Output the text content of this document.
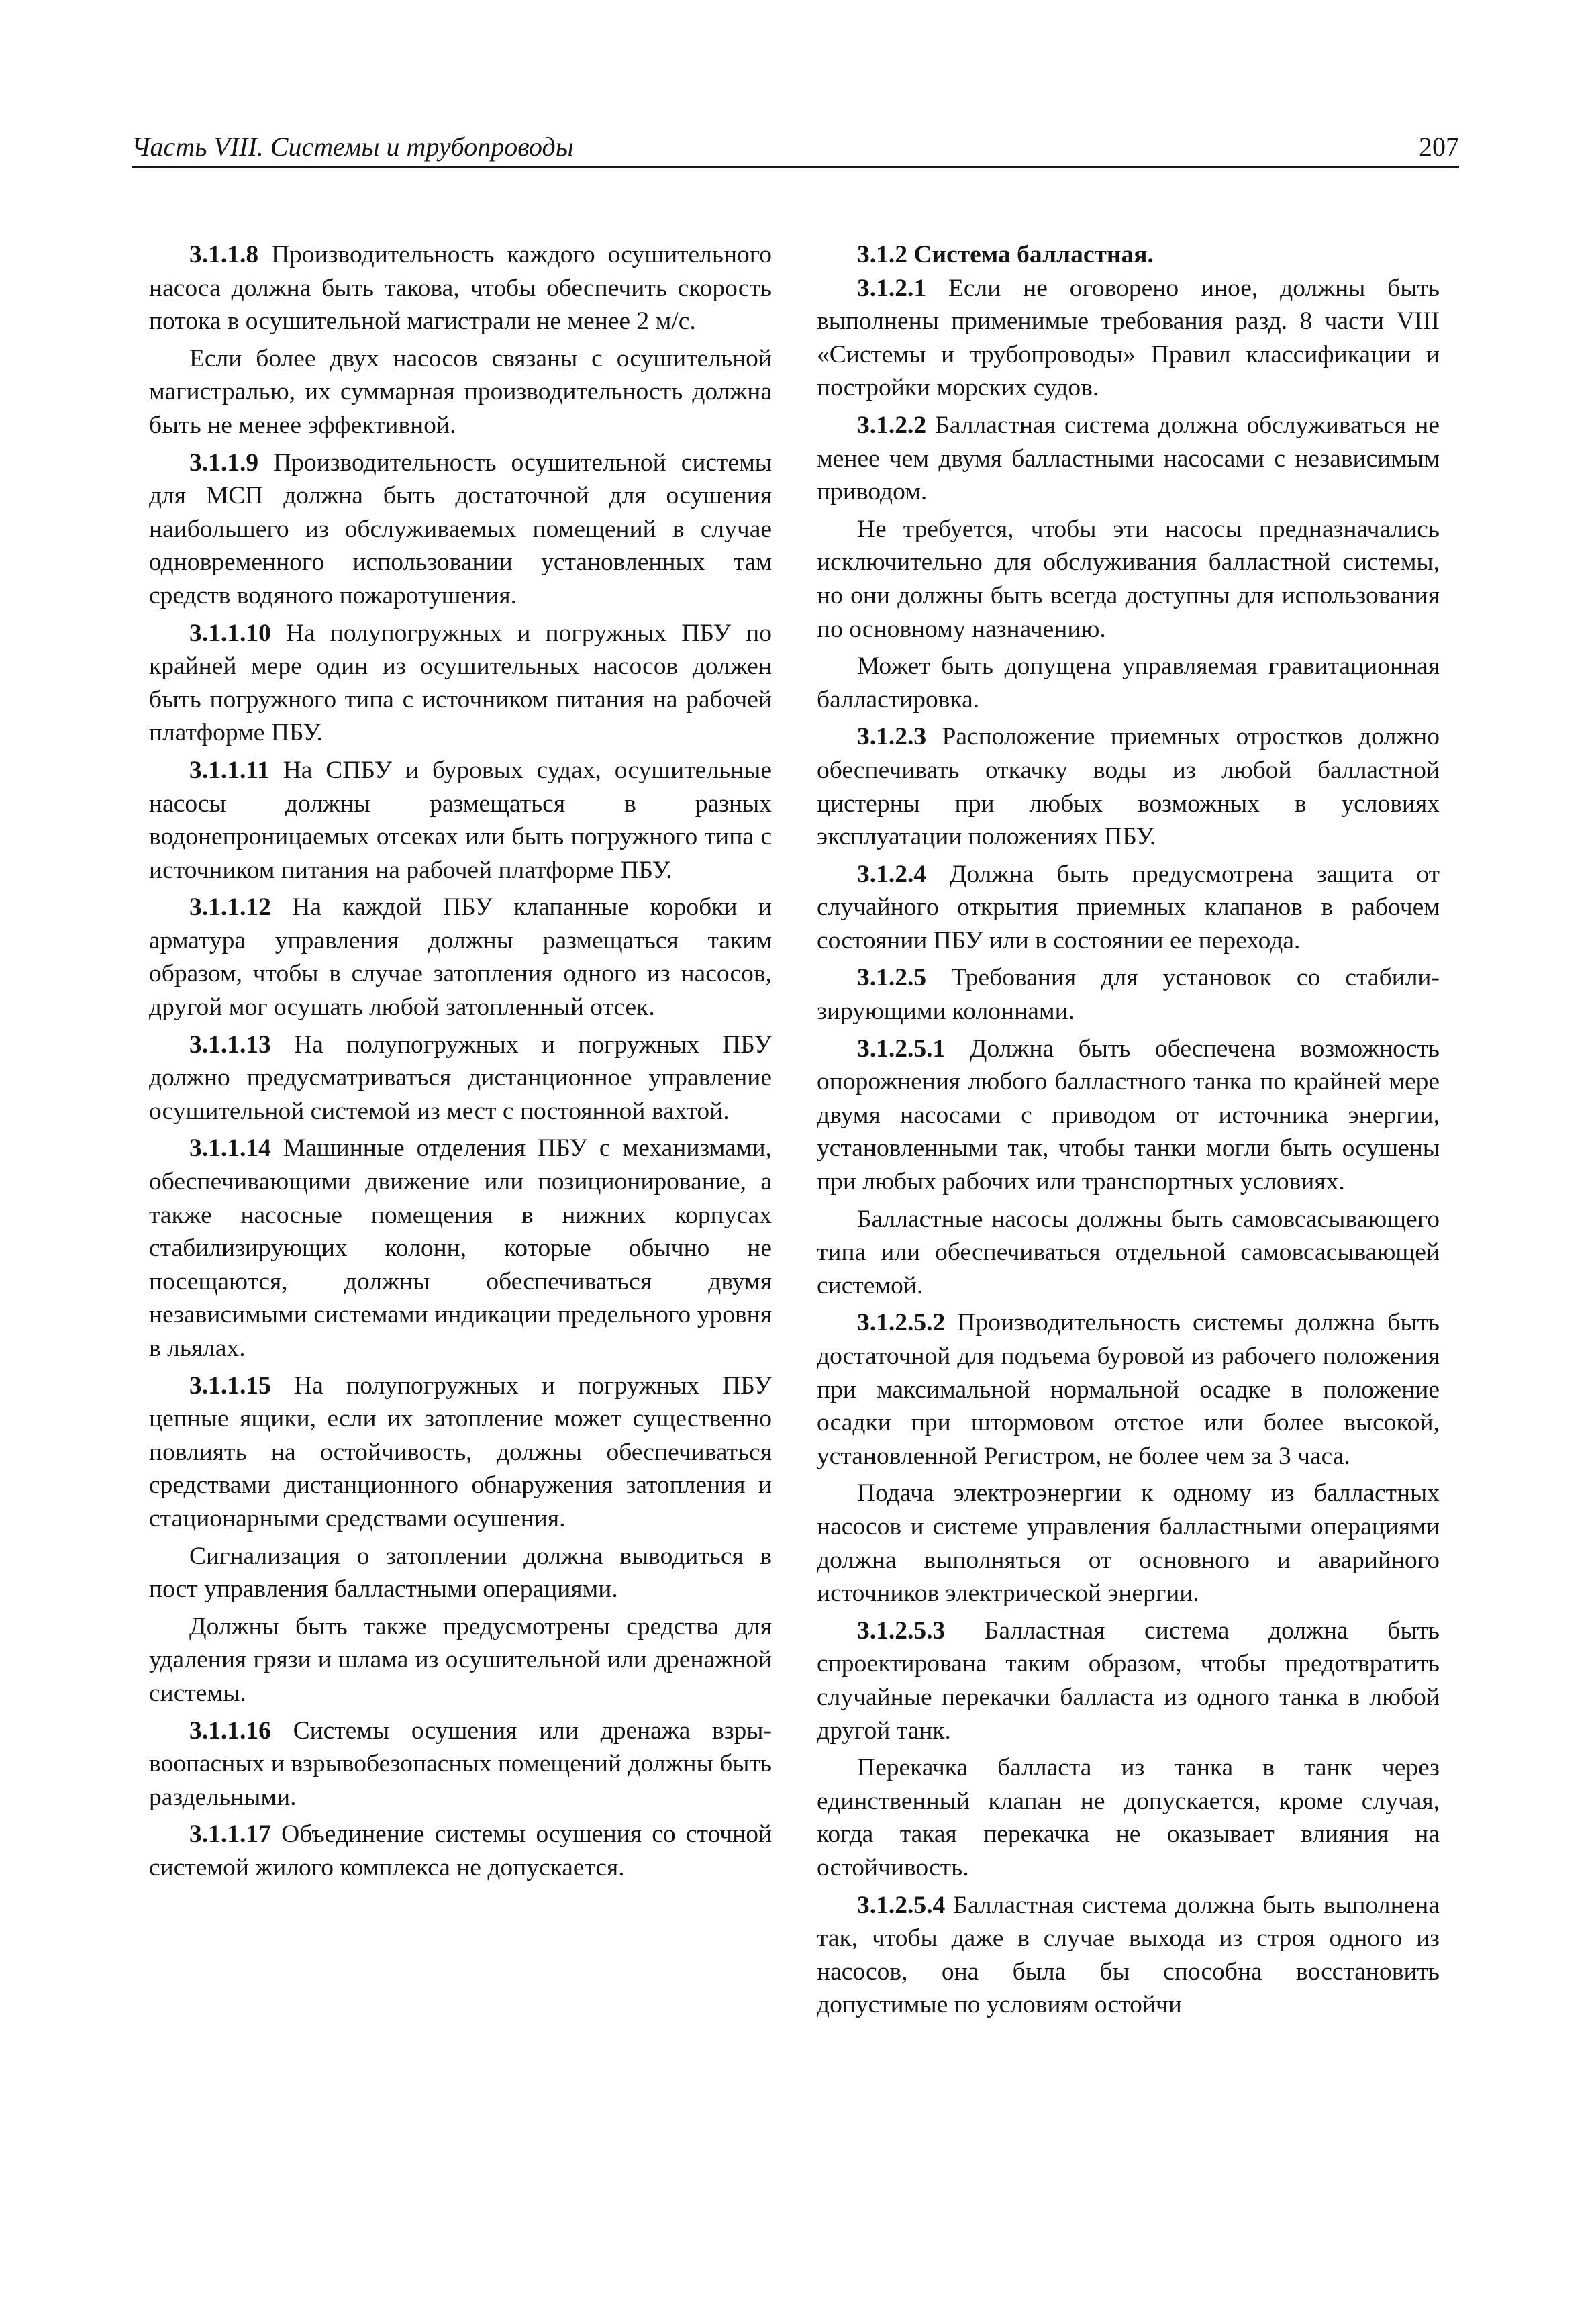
Часть VIII. Системы и трубопроводы	207

3.1.1.8 Производительность каждого осушительного насоса должна быть такова, чтобы обеспечить скорость потока в осушительной магистрали не менее 2 м/с.

Если более двух насосов связаны с осушительной магистралью, их суммарная производительность должна быть не менее эффективной.

3.1.1.9 Производительность осушительной системы для МСП должна быть достаточной для осушения наибольшего из обслуживаемых помещений в случае одновременного использовании установленных там средств водяного пожаротушения.

3.1.1.10 На полупогружных и погружных ПБУ по крайней мере один из осушительных насосов должен быть погружного типа с источником питания на рабочей платформе ПБУ.

3.1.1.11 На СПБУ и буровых судах, осушительные насосы должны размещаться в разных водонепроницаемых отсеках или быть погружного типа с источником питания на рабочей платформе ПБУ.

3.1.1.12 На каждой ПБУ клапанные коробки и арматура управления должны размещаться таким образом, чтобы в случае затопления одного из насосов, другой мог осушать любой затопленный отсек.

3.1.1.13 На полупогружных и погружных ПБУ должно предусматриваться дистанционное управление осушительной системой из мест с постоянной вахтой.

3.1.1.14 Машинные отделения ПБУ с механизмами, обеспечивающими движение или позиционирование, а также насосные помещения в нижних корпусах стабилизирующих колонн, которые обычно не посещаются, должны обеспечиваться двумя независимыми системами индикации предельного уровня в льялах.

3.1.1.15 На полупогружных и погружных ПБУ цепные ящики, если их затопление может существенно повлиять на остойчивость, должны обеспечиваться средствами дистанционного обнаружения затопления и стационарными средствами осушения.

Сигнализация о затоплении должна выводиться в пост управления балластными операциями.

Должны быть также предусмотрены средства для удаления грязи и шлама из осушительной или дренажной системы.

3.1.1.16 Системы осушения или дренажа взрывоопасных и взрывобезопасных помещений должны быть раздельными.

3.1.1.17 Объединение системы осушения со сточной системой жилого комплекса не допускается.

3.1.2 Система балластная.

3.1.2.1 Если не оговорено иное, должны быть выполнены применимые требования разд. 8 части VIII «Системы и трубопроводы» Правил классификации и постройки морских судов.

3.1.2.2 Балластная система должна обслуживаться не менее чем двумя балластными насосами с независимым приводом.

Не требуется, чтобы эти насосы предназначались исключительно для обслуживания балластной системы, но они должны быть всегда доступны для использования по основному назначению.

Может быть допущена управляемая гравитационная балластировка.

3.1.2.3 Расположение приемных отростков должно обеспечивать откачку воды из любой балластной цистерны при любых возможных в условиях эксплуатации положениях ПБУ.

3.1.2.4 Должна быть предусмотрена защита от случайного открытия приемных клапанов в рабочем состоянии ПБУ или в состоянии ее перехода.

3.1.2.5 Требования для установок со стабилизирующими колоннами.

3.1.2.5.1 Должна быть обеспечена возможность опорожнения любого балластного танка по крайней мере двумя насосами с приводом от источника энергии, установленными так, чтобы танки могли быть осушены при любых рабочих или транспортных условиях.

Балластные насосы должны быть самовсасывающего типа или обеспечиваться отдельной самовсасывающей системой.

3.1.2.5.2 Производительность системы должна быть достаточной для подъема буровой из рабочего положения при максимальной нормальной осадке в положение осадки при штормовом отстое или более высокой, установленной Регистром, не более чем за 3 часа.

Подача электроэнергии к одному из балластных насосов и системе управления балластными операциями должна выполняться от основного и аварийного источников электрической энергии.

3.1.2.5.3 Балластная система должна быть спроектирована таким образом, чтобы предотвратить случайные перекачки балласта из одного танка в любой другой танк.

Перекачка балласта из танка в танк через единственный клапан не допускается, кроме случая, когда такая перекачка не оказывает влияния на остойчивость.

3.1.2.5.4 Балластная система должна быть выполнена так, чтобы даже в случае выхода из строя одного из насосов, она была бы способна восстановить допустимые по условиям остойчи
